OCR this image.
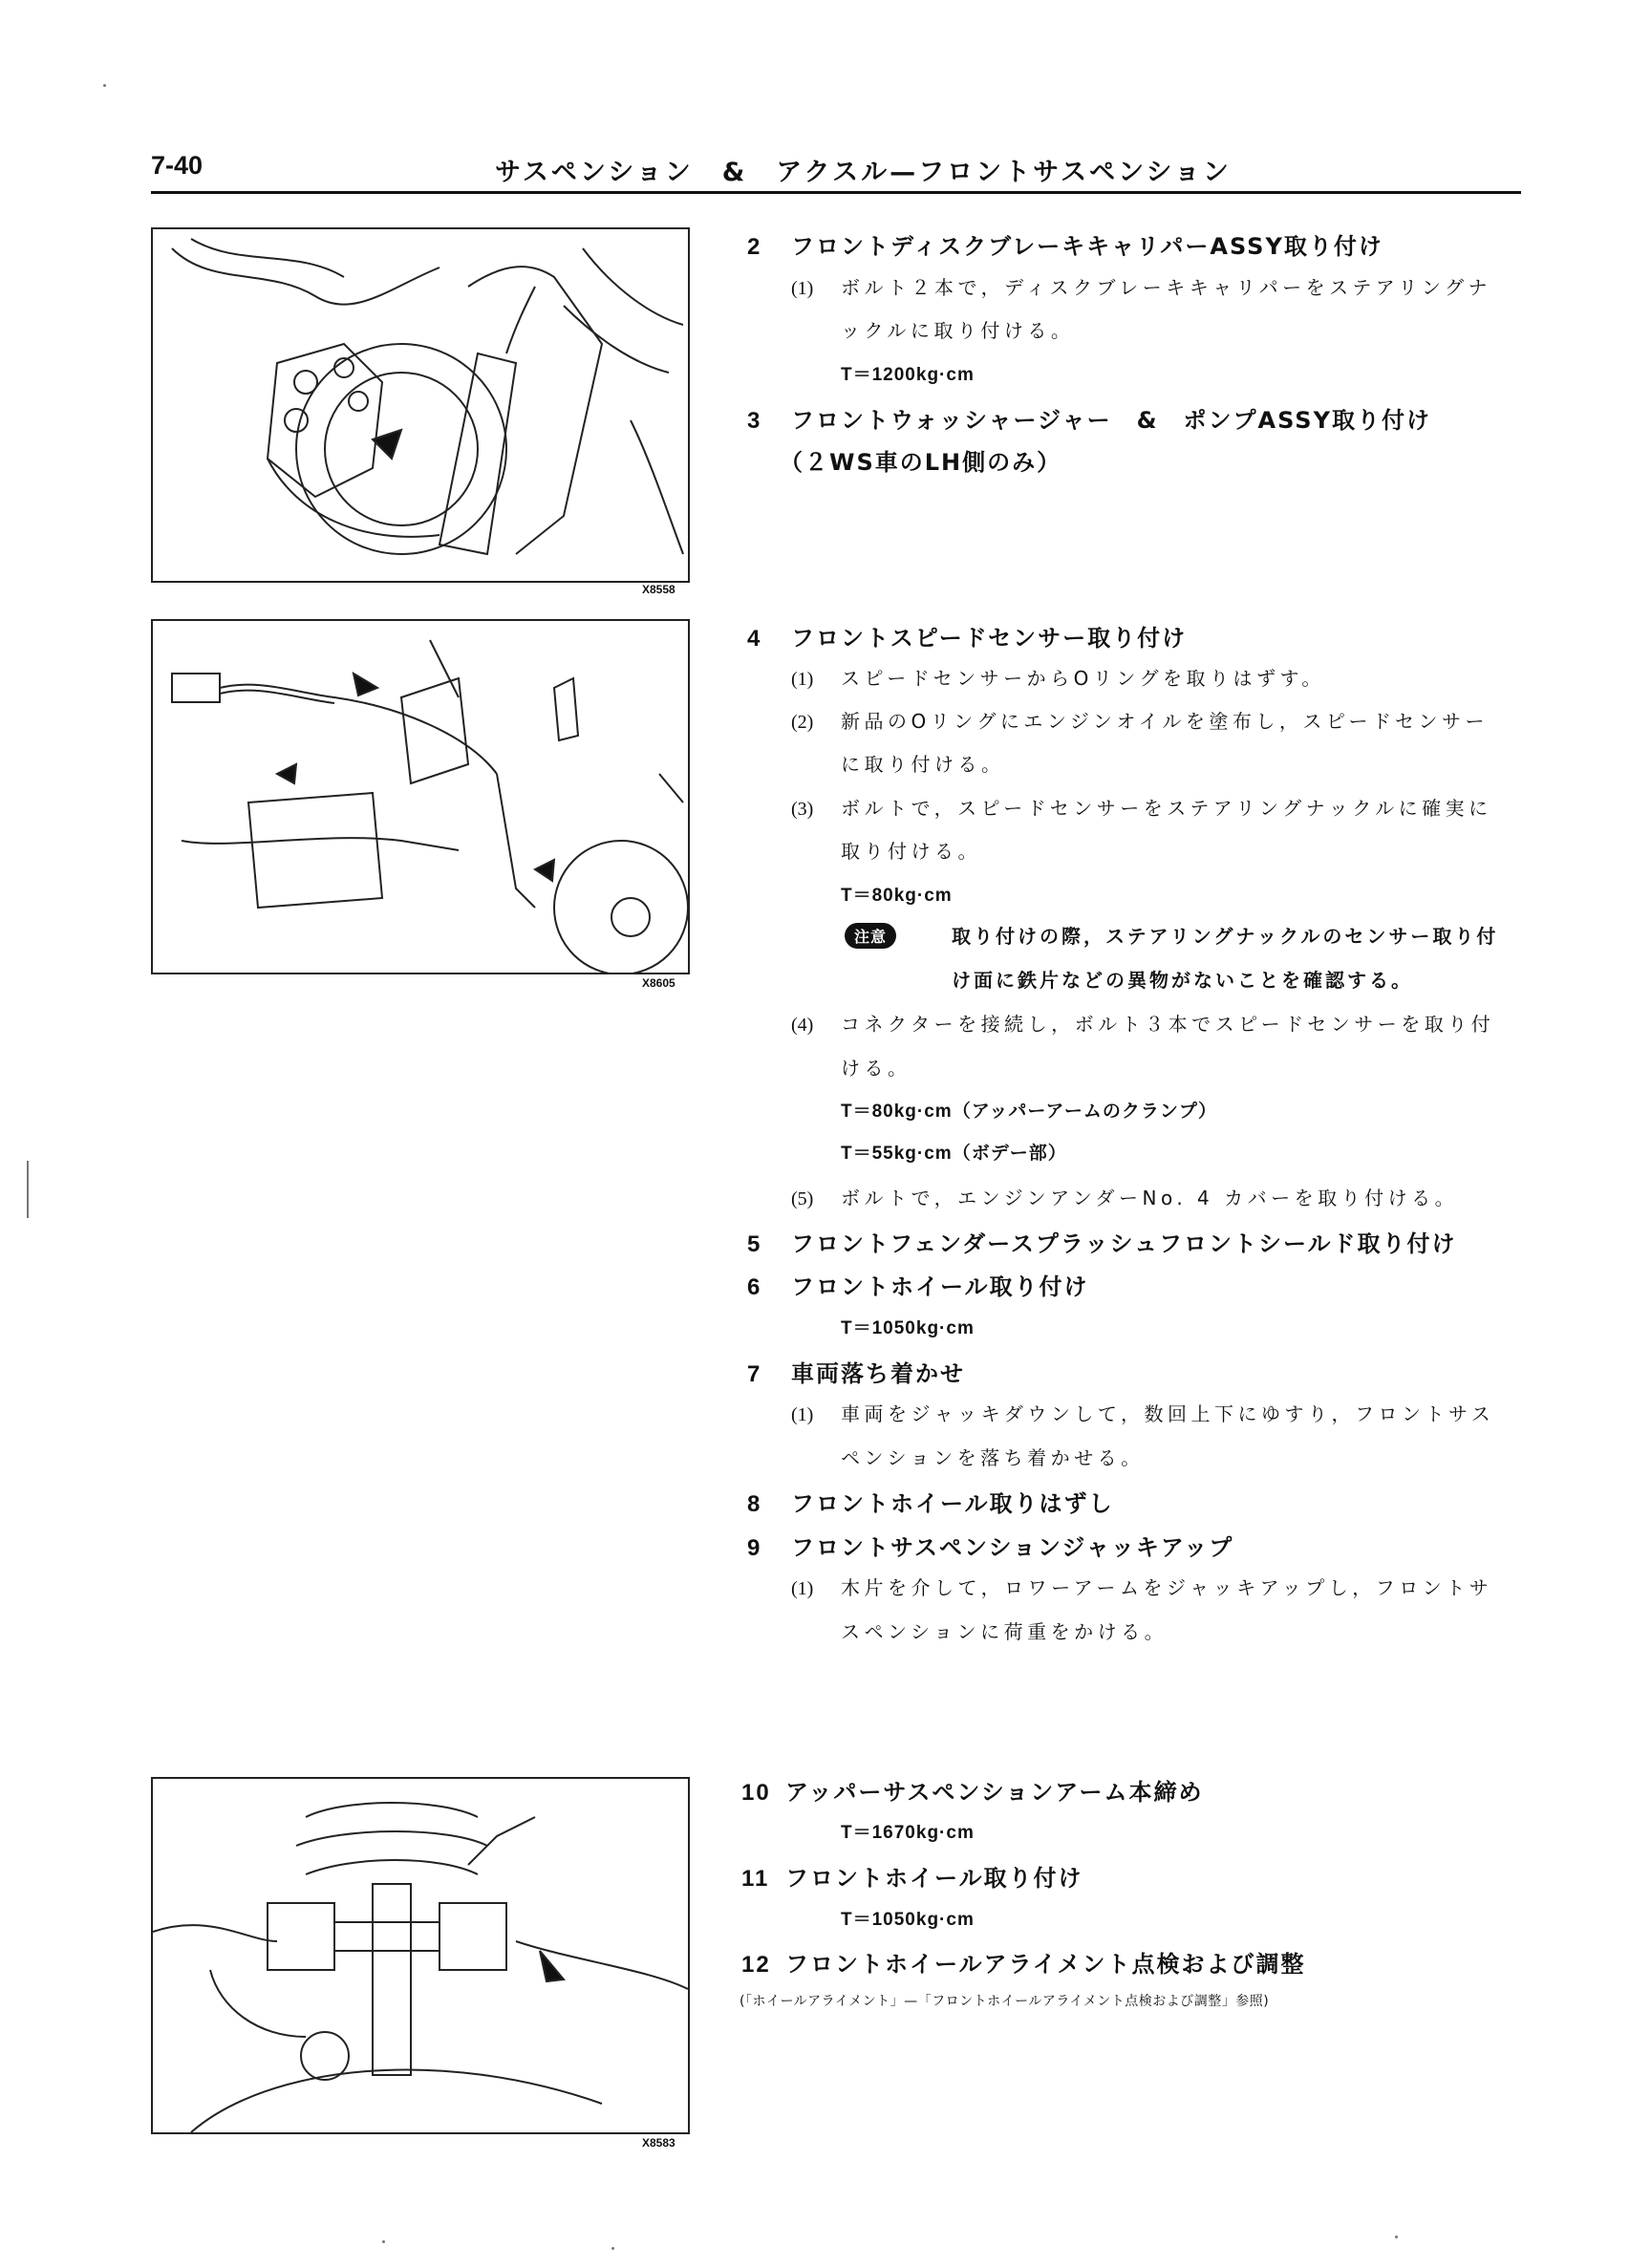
7-40	サスペンション　&　アクスル—フロントサスペンション
X8558
X8605
X8583
2 フロントディスクブレーキキャリパーASSY取り付け
(1) ボルト２本で，ディスクブレーキキャリパーをステアリングナ
ックルに取り付ける。
T＝1200kg·cm
3 フロントウォッシャージャー　&　ポンプASSY取り付け
（２WS車のLH側のみ）
4 フロントスピードセンサー取り付け
(1) スピードセンサーからOリングを取りはずす。
(2) 新品のOリングにエンジンオイルを塗布し，スピードセンサー
に取り付ける。
(3) ボルトで，スピードセンサーをステアリングナックルに確実に
取り付ける。
T＝80kg·cm
注意	取り付けの際，ステアリングナックルのセンサー取り付
け面に鉄片などの異物がないことを確認する。
(4) コネクターを接続し，ボルト３本でスピードセンサーを取り付
ける。
T＝80kg·cm（アッパーアームのクランプ）
T＝55kg·cm（ボデー部）
(5) ボルトで，エンジンアンダーNo. 4 カバーを取り付ける。
5 フロントフェンダースプラッシュフロントシールド取り付け
6 フロントホイール取り付け
T＝1050kg·cm
7 車両落ち着かせ
(1) 車両をジャッキダウンして，数回上下にゆすり，フロントサス
ペンションを落ち着かせる。
8 フロントホイール取りはずし
9 フロントサスペンションジャッキアップ
(1) 木片を介して，ロワーアームをジャッキアップし，フロントサ
スペンションに荷重をかける。
10 アッパーサスペンションアーム本締め
T＝1670kg·cm
11 フロントホイール取り付け
T＝1050kg·cm
12 フロントホイールアライメント点検および調整
(「ホイールアライメント」—「フロントホイールアライメント点検および調整」参照)
